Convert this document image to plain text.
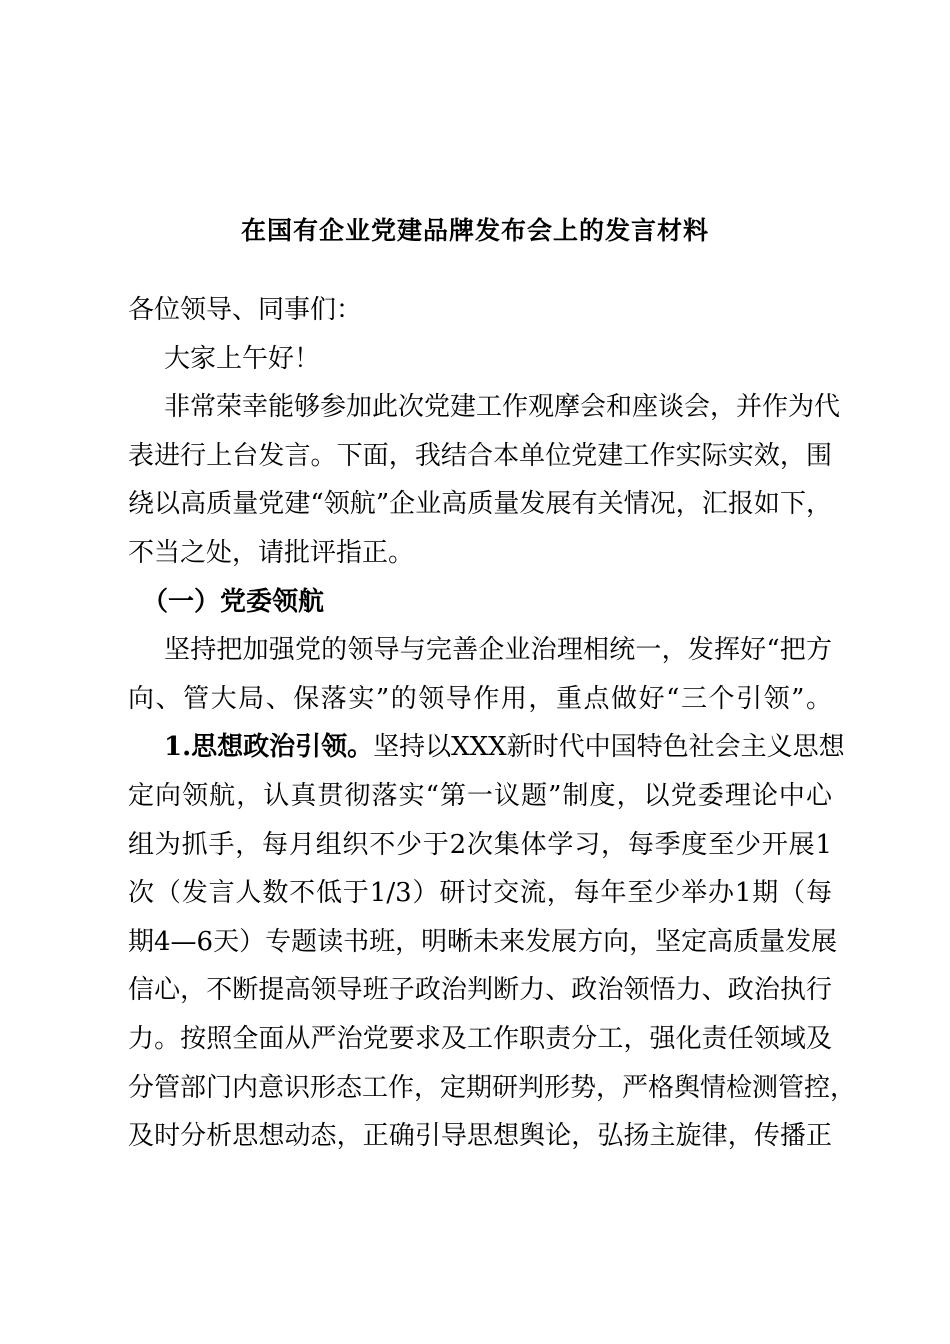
在国有企业党建品牌发布会上的发言材料
各位领导、同事们：
大家上午好！
非常荣幸能够参加此次党建工作观摩会和座谈会，并作为代
表进行上台发言。下面，我结合本单位党建工作实际实效，围
绕以高质量党建“领航”企业高质量发展有关情况，汇报如下，
不当之处，请批评指正。
（一）党委领航
坚持把加强党的领导与完善企业治理相统一，发挥好“把方
向、管大局、保落实”的领导作用，重点做好“三个引领”。
1.思想政治引领。坚持以XXX新时代中国特色社会主义思想
定向领航，认真贯彻落实“第一议题”制度，以党委理论中心
组为抓手，每月组织不少于2次集体学习，每季度至少开展1
次（发言人数不低于1/3）研讨交流，每年至少举办1期（每
期4—6天）专题读书班，明晰未来发展方向，坚定高质量发展
信心，不断提高领导班子政治判断力、政治领悟力、政治执行
力。按照全面从严治党要求及工作职责分工，强化责任领域及
分管部门内意识形态工作，定期研判形势，严格舆情检测管控，
及时分析思想动态，正确引导思想舆论，弘扬主旋律，传播正
